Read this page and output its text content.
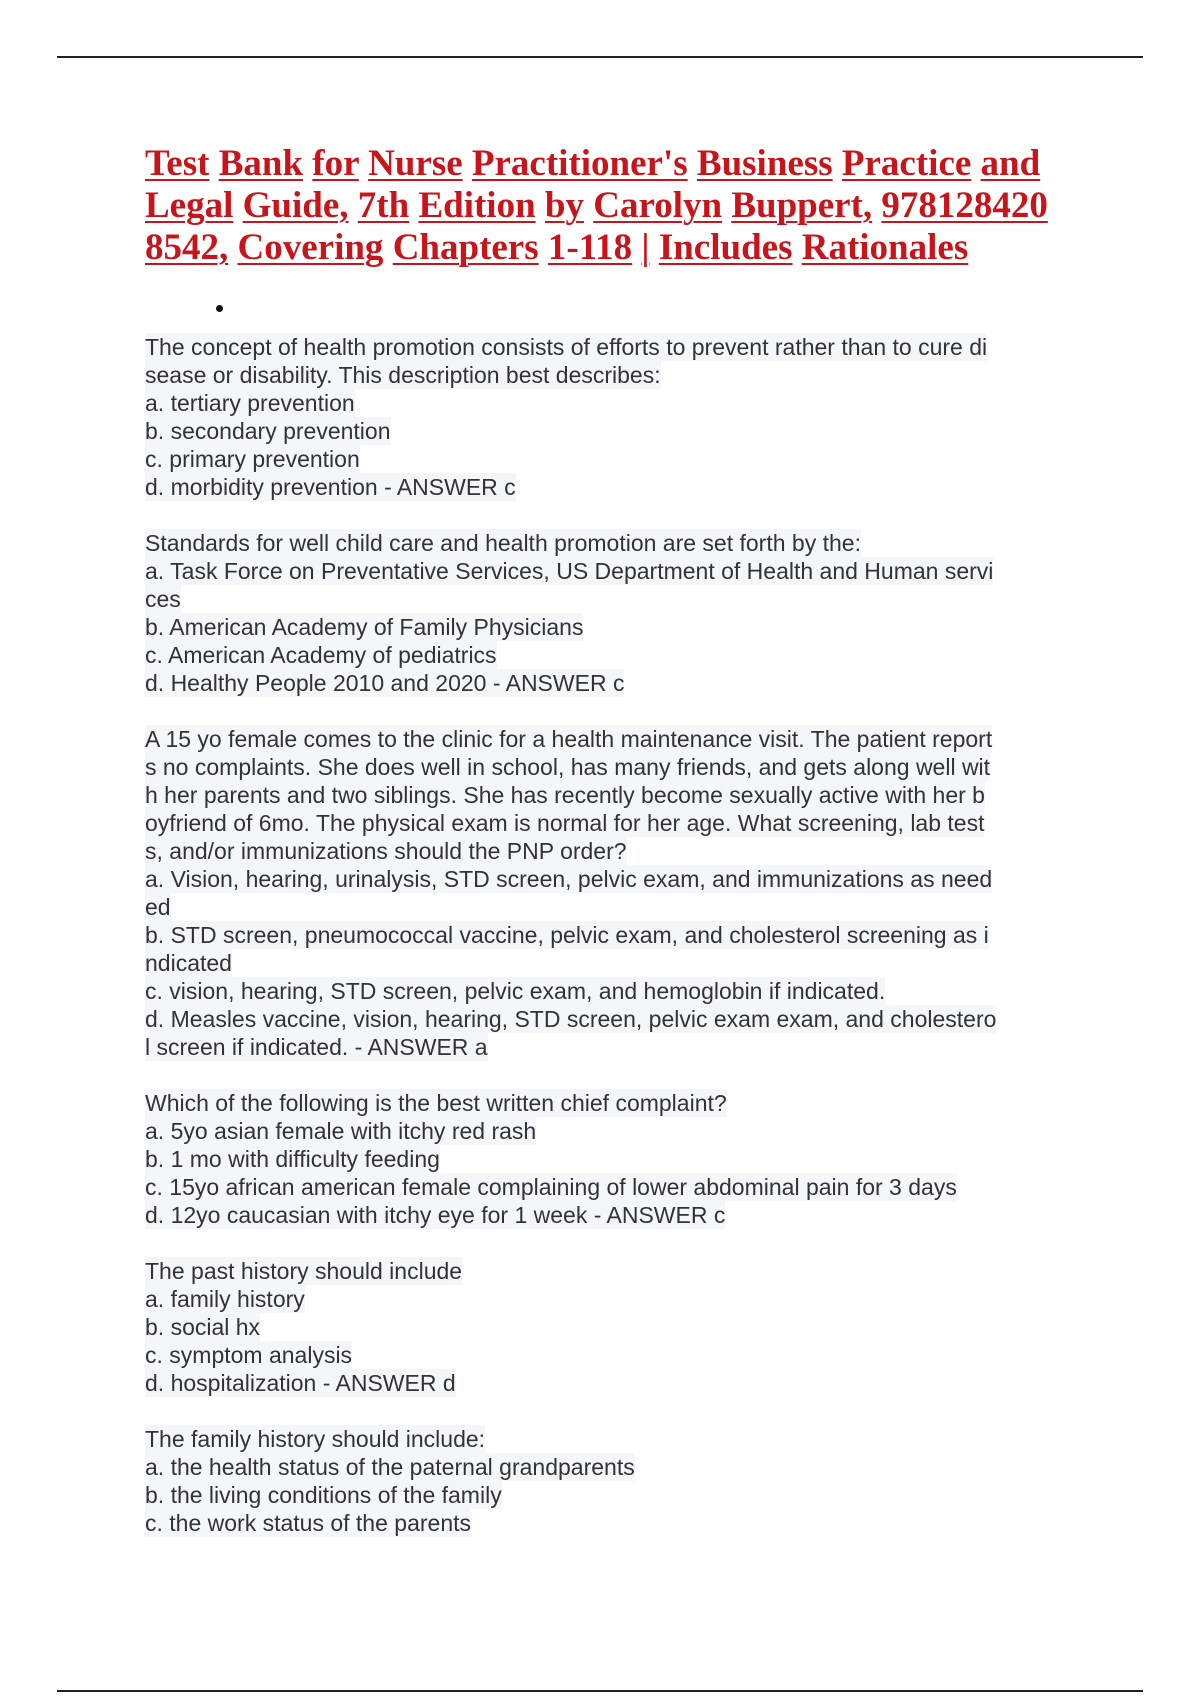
Test Bank for Nurse Practitioner's Business Practice and Legal Guide, 7th Edition by Carolyn Buppert, 978128420 8542, Covering Chapters 1-118 | Includes Rationales
The concept of health promotion consists of efforts to prevent rather than to cure di
sease or disability. This description best describes:
a. tertiary prevention
b. secondary prevention
c. primary prevention
d. morbidity prevention - ANSWER c
Standards for well child care and health promotion are set forth by the:
a. Task Force on Preventative Services, US Department of Health and Human servi
ces
b. American Academy of Family Physicians
c. American Academy of pediatrics
d. Healthy People 2010 and 2020 - ANSWER c
A 15 yo female comes to the clinic for a health maintenance visit. The patient report
s no complaints. She does well in school, has many friends, and gets along well wit
h her parents and two siblings. She has recently become sexually active with her b
oyfriend of 6mo. The physical exam is normal for her age. What screening, lab test
s, and/or immunizations should the PNP order?
a. Vision, hearing, urinalysis, STD screen, pelvic exam, and immunizations as need
ed
b. STD screen, pneumococcal vaccine, pelvic exam, and cholesterol screening as i
ndicated
c. vision, hearing, STD screen, pelvic exam, and hemoglobin if indicated.
d. Measles vaccine, vision, hearing, STD screen, pelvic exam exam, and cholestero
l screen if indicated. - ANSWER a
Which of the following is the best written chief complaint?
a. 5yo asian female with itchy red rash
b. 1 mo with difficulty feeding
c. 15yo african american female complaining of lower abdominal pain for 3 days
d. 12yo caucasian with itchy eye for 1 week - ANSWER c
The past history should include
a. family history
b. social hx
c. symptom analysis
d. hospitalization - ANSWER d
The family history should include:
a. the health status of the paternal grandparents
b. the living conditions of the family
c. the work status of the parents
